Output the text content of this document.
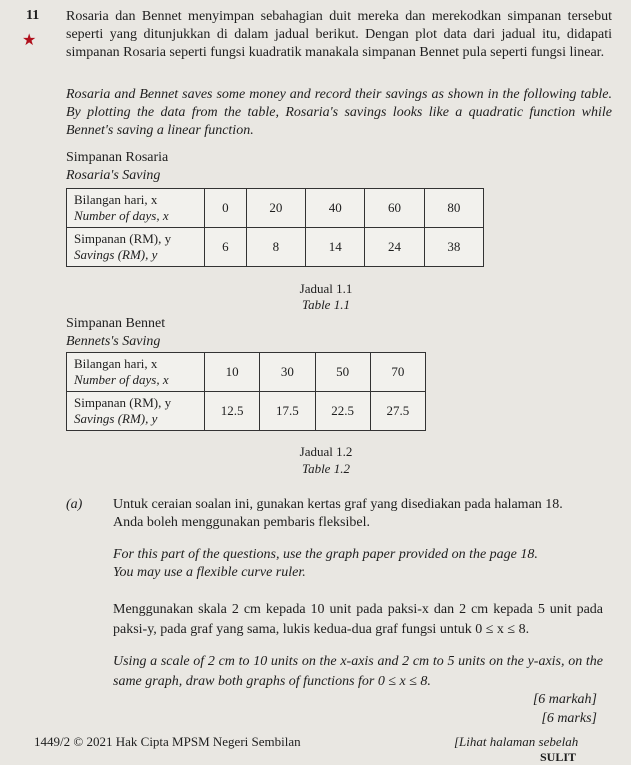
11
★

Rosaria dan Bennet menyimpan sebahagian duit mereka dan merekodkan simpanan tersebut seperti yang ditunjukkan di dalam jadual berikut. Dengan plot data dari jadual itu, didapati simpanan Rosaria seperti fungsi kuadratik manakala simpanan Bennet pula seperti fungsi linear.

Rosaria and Bennet saves some money and record their savings as shown in the following table. By plotting the data from the table, Rosaria's savings looks like a quadratic function while Bennet's saving a linear function.

Simpanan Rosaria
Rosaria's Saving
Bilangan hari, x
Number of days, x	0	20	40	60	80

Simpanan (RM), y
Savings (RM), y	6	8	14	24	38
Jadual 1.1
Table 1.1
Simpanan Bennet
Bennets's Saving
Bilangan hari, x
Number of days, x	10	30	50	70

Simpanan (RM), y
Savings (RM), y	12.5	17.5	22.5	27.5
Jadual 1.2
Table 1.2
(a) Untuk ceraian soalan ini, gunakan kertas graf yang disediakan pada halaman 18.
Anda boleh menggunakan pembaris fleksibel.
For this part of the questions, use the graph paper provided on the page 18.
You may use a flexible curve ruler.
Menggunakan skala 2 cm kepada 10 unit pada paksi-x dan 2 cm kepada 5 unit pada paksi-y, pada graf yang sama, lukis kedua-dua graf fungsi untuk 0 ≤ x ≤ 8.
Using a scale of 2 cm to 10 units on the x-axis and 2 cm to 5 units on the y-axis, on the same graph, draw both graphs of functions for 0 ≤ x ≤ 8.
[6 markah]
[6 marks]
1449/2 © 2021 Hak Cipta MPSM Negeri Sembilan	[Lihat halaman sebelah
SULIT
